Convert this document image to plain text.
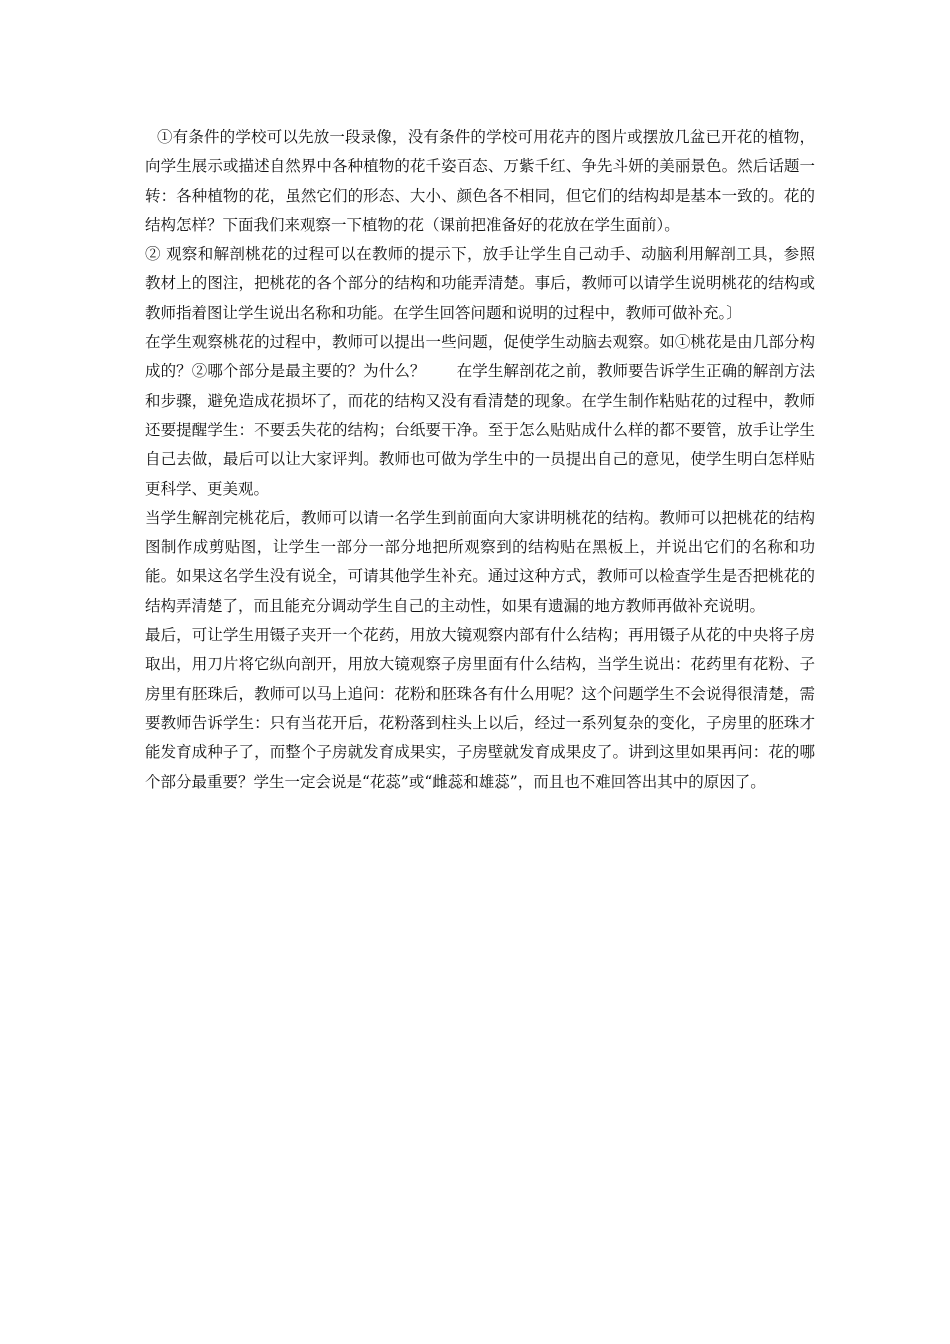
①有条件的学校可以先放一段录像，没有条件的学校可用花卉的图片或摆放几盆已开花的植物，向学生展示或描述自然界中各种植物的花千姿百态、万紫千红、争先斗妍的美丽景色。然后话题一转：各种植物的花，虽然它们的形态、大小、颜色各不相同，但它们的结构却是基本一致的。花的结构怎样？下面我们来观察一下植物的花（课前把准备好的花放在学生面前）。

② 观察和解剖桃花的过程可以在教师的提示下，放手让学生自己动手、动脑利用解剖工具，参照教材上的图注，把桃花的各个部分的结构和功能弄清楚。事后，教师可以请学生说明桃花的结构或教师指着图让学生说出名称和功能。在学生回答问题和说明的过程中，教师可做补充。〕

在学生观察桃花的过程中，教师可以提出一些问题，促使学生动脑去观察。如①桃花是由几部分构成的？②哪个部分是最主要的？为什么？　　在学生解剖花之前，教师要告诉学生正确的解剖方法和步骤，避免造成花损坏了，而花的结构又没有看清楚的现象。在学生制作粘贴花的过程中，教师还要提醒学生：不要丢失花的结构；台纸要干净。至于怎么贴贴成什么样的都不要管，放手让学生自己去做，最后可以让大家评判。教师也可做为学生中的一员提出自己的意见，使学生明白怎样贴更科学、更美观。

当学生解剖完桃花后，教师可以请一名学生到前面向大家讲明桃花的结构。教师可以把桃花的结构图制作成剪贴图，让学生一部分一部分地把所观察到的结构贴在黑板上，并说出它们的名称和功能。如果这名学生没有说全，可请其他学生补充。通过这种方式，教师可以检查学生是否把桃花的结构弄清楚了，而且能充分调动学生自己的主动性，如果有遗漏的地方教师再做补充说明。

最后，可让学生用镊子夹开一个花药，用放大镜观察内部有什么结构；再用镊子从花的中央将子房取出，用刀片将它纵向剖开，用放大镜观察子房里面有什么结构，当学生说出：花药里有花粉、子房里有胚珠后，教师可以马上追问：花粉和胚珠各有什么用呢？这个问题学生不会说得很清楚，需要教师告诉学生：只有当花开后，花粉落到柱头上以后，经过一系列复杂的变化，子房里的胚珠才能发育成种子了，而整个子房就发育成果实，子房壁就发育成果皮了。讲到这里如果再问：花的哪个部分最重要？学生一定会说是“花蕊”或“雌蕊和雄蕊”，而且也不难回答出其中的原因了。
